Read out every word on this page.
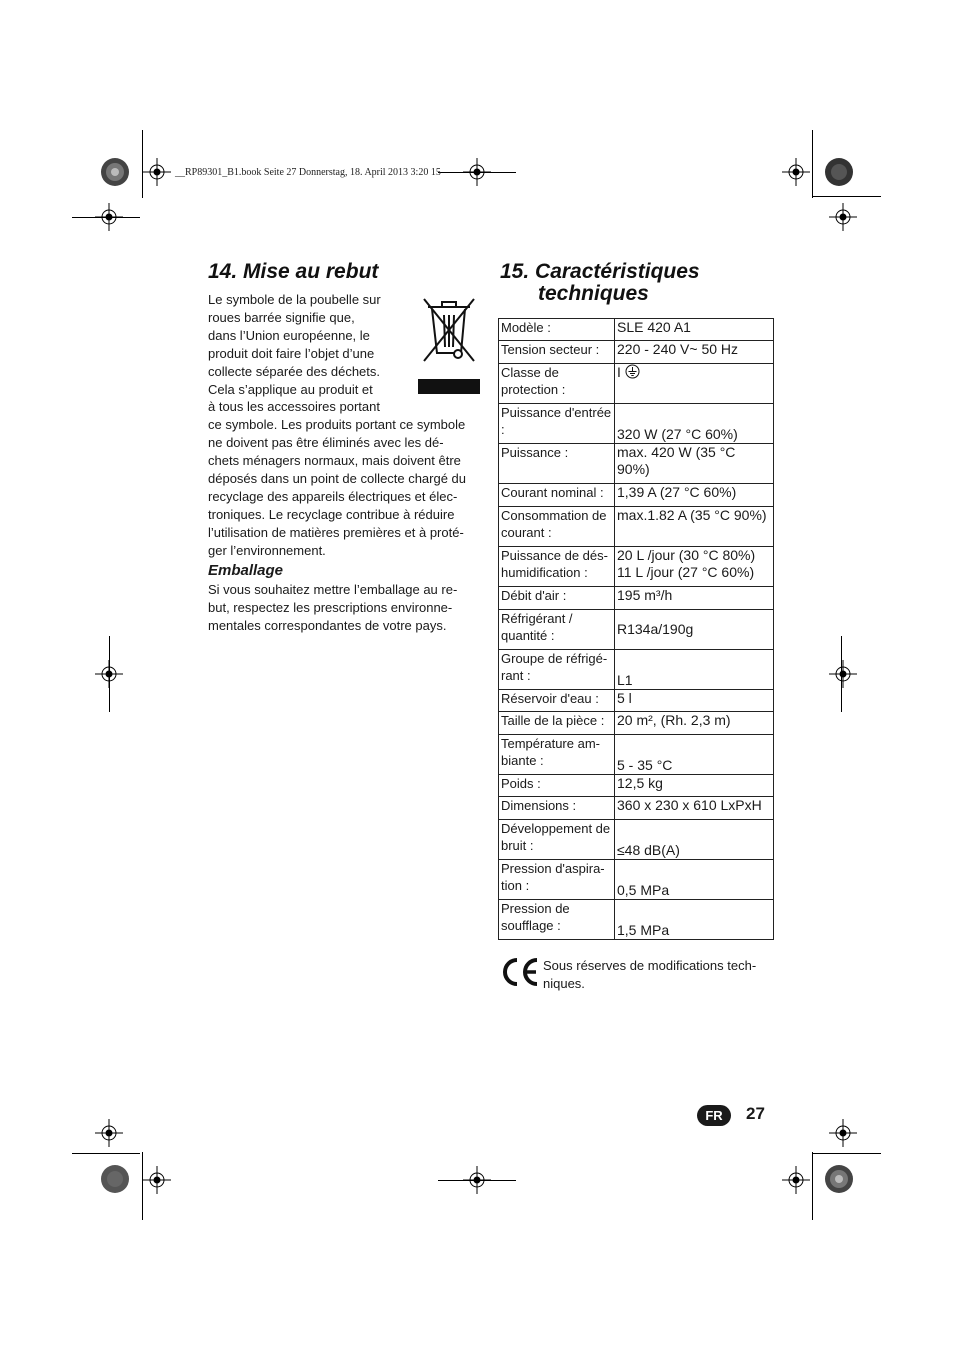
__RP89301_B1.book Seite 27 Donnerstag, 18. April 2013 3:20 15
14. Mise au rebut
Le symbole de la poubelle sur
roues barrée signifie que,
dans l’Union européenne, le
produit doit faire l’objet d’une
collecte séparée des déchets.
Cela s’applique au produit et
à tous les accessoires portant
ce symbole. Les produits portant ce symbole
ne doivent pas être éliminés avec les dé-
chets ménagers normaux, mais doivent être
déposés dans un point de collecte chargé du
recyclage des appareils électriques et élec-
troniques. Le recyclage contribue à réduire
l’utilisation de matières premières et à proté-
ger l’environnement.
Emballage
Si vous souhaitez mettre l’emballage au re-
but, respectez les prescriptions environne-
mentales correspondantes de votre pays.
15. Caractéristiques
techniques
Modèle :	SLE 420 A1
Tension secteur :	220 - 240 V~ 50 Hz
Classe de protection :	I
Puissance d'entrée :	320 W (27 °C 60%)
Puissance :	max. 420 W (35 °C 90%)
Courant nominal :	1,39 A (27 °C 60%)
Consommation de courant :	max.1.82 A (35 °C 90%)
Puissance de dés-humidification :	20 L /jour (30 °C 80%) 11 L /jour (27 °C 60%)
Débit d'air :	195 m³/h
Réfrigérant / quantité :	R134a/190g
Groupe de réfrigé-rant :	L1
Réservoir d'eau :	5 l
Taille de la pièce :	20 m², (Rh. 2,3 m)
Température am-biante :	5 - 35 °C
Poids :	12,5 kg
Dimensions :	360 x 230 x 610 LxPxH
Développement de bruit :	≤48 dB(A)
Pression d'aspira-tion :	0,5 MPa
Pression de soufflage :	1,5 MPa
CE
Sous réserves de modifications tech- niques.
FR	27
